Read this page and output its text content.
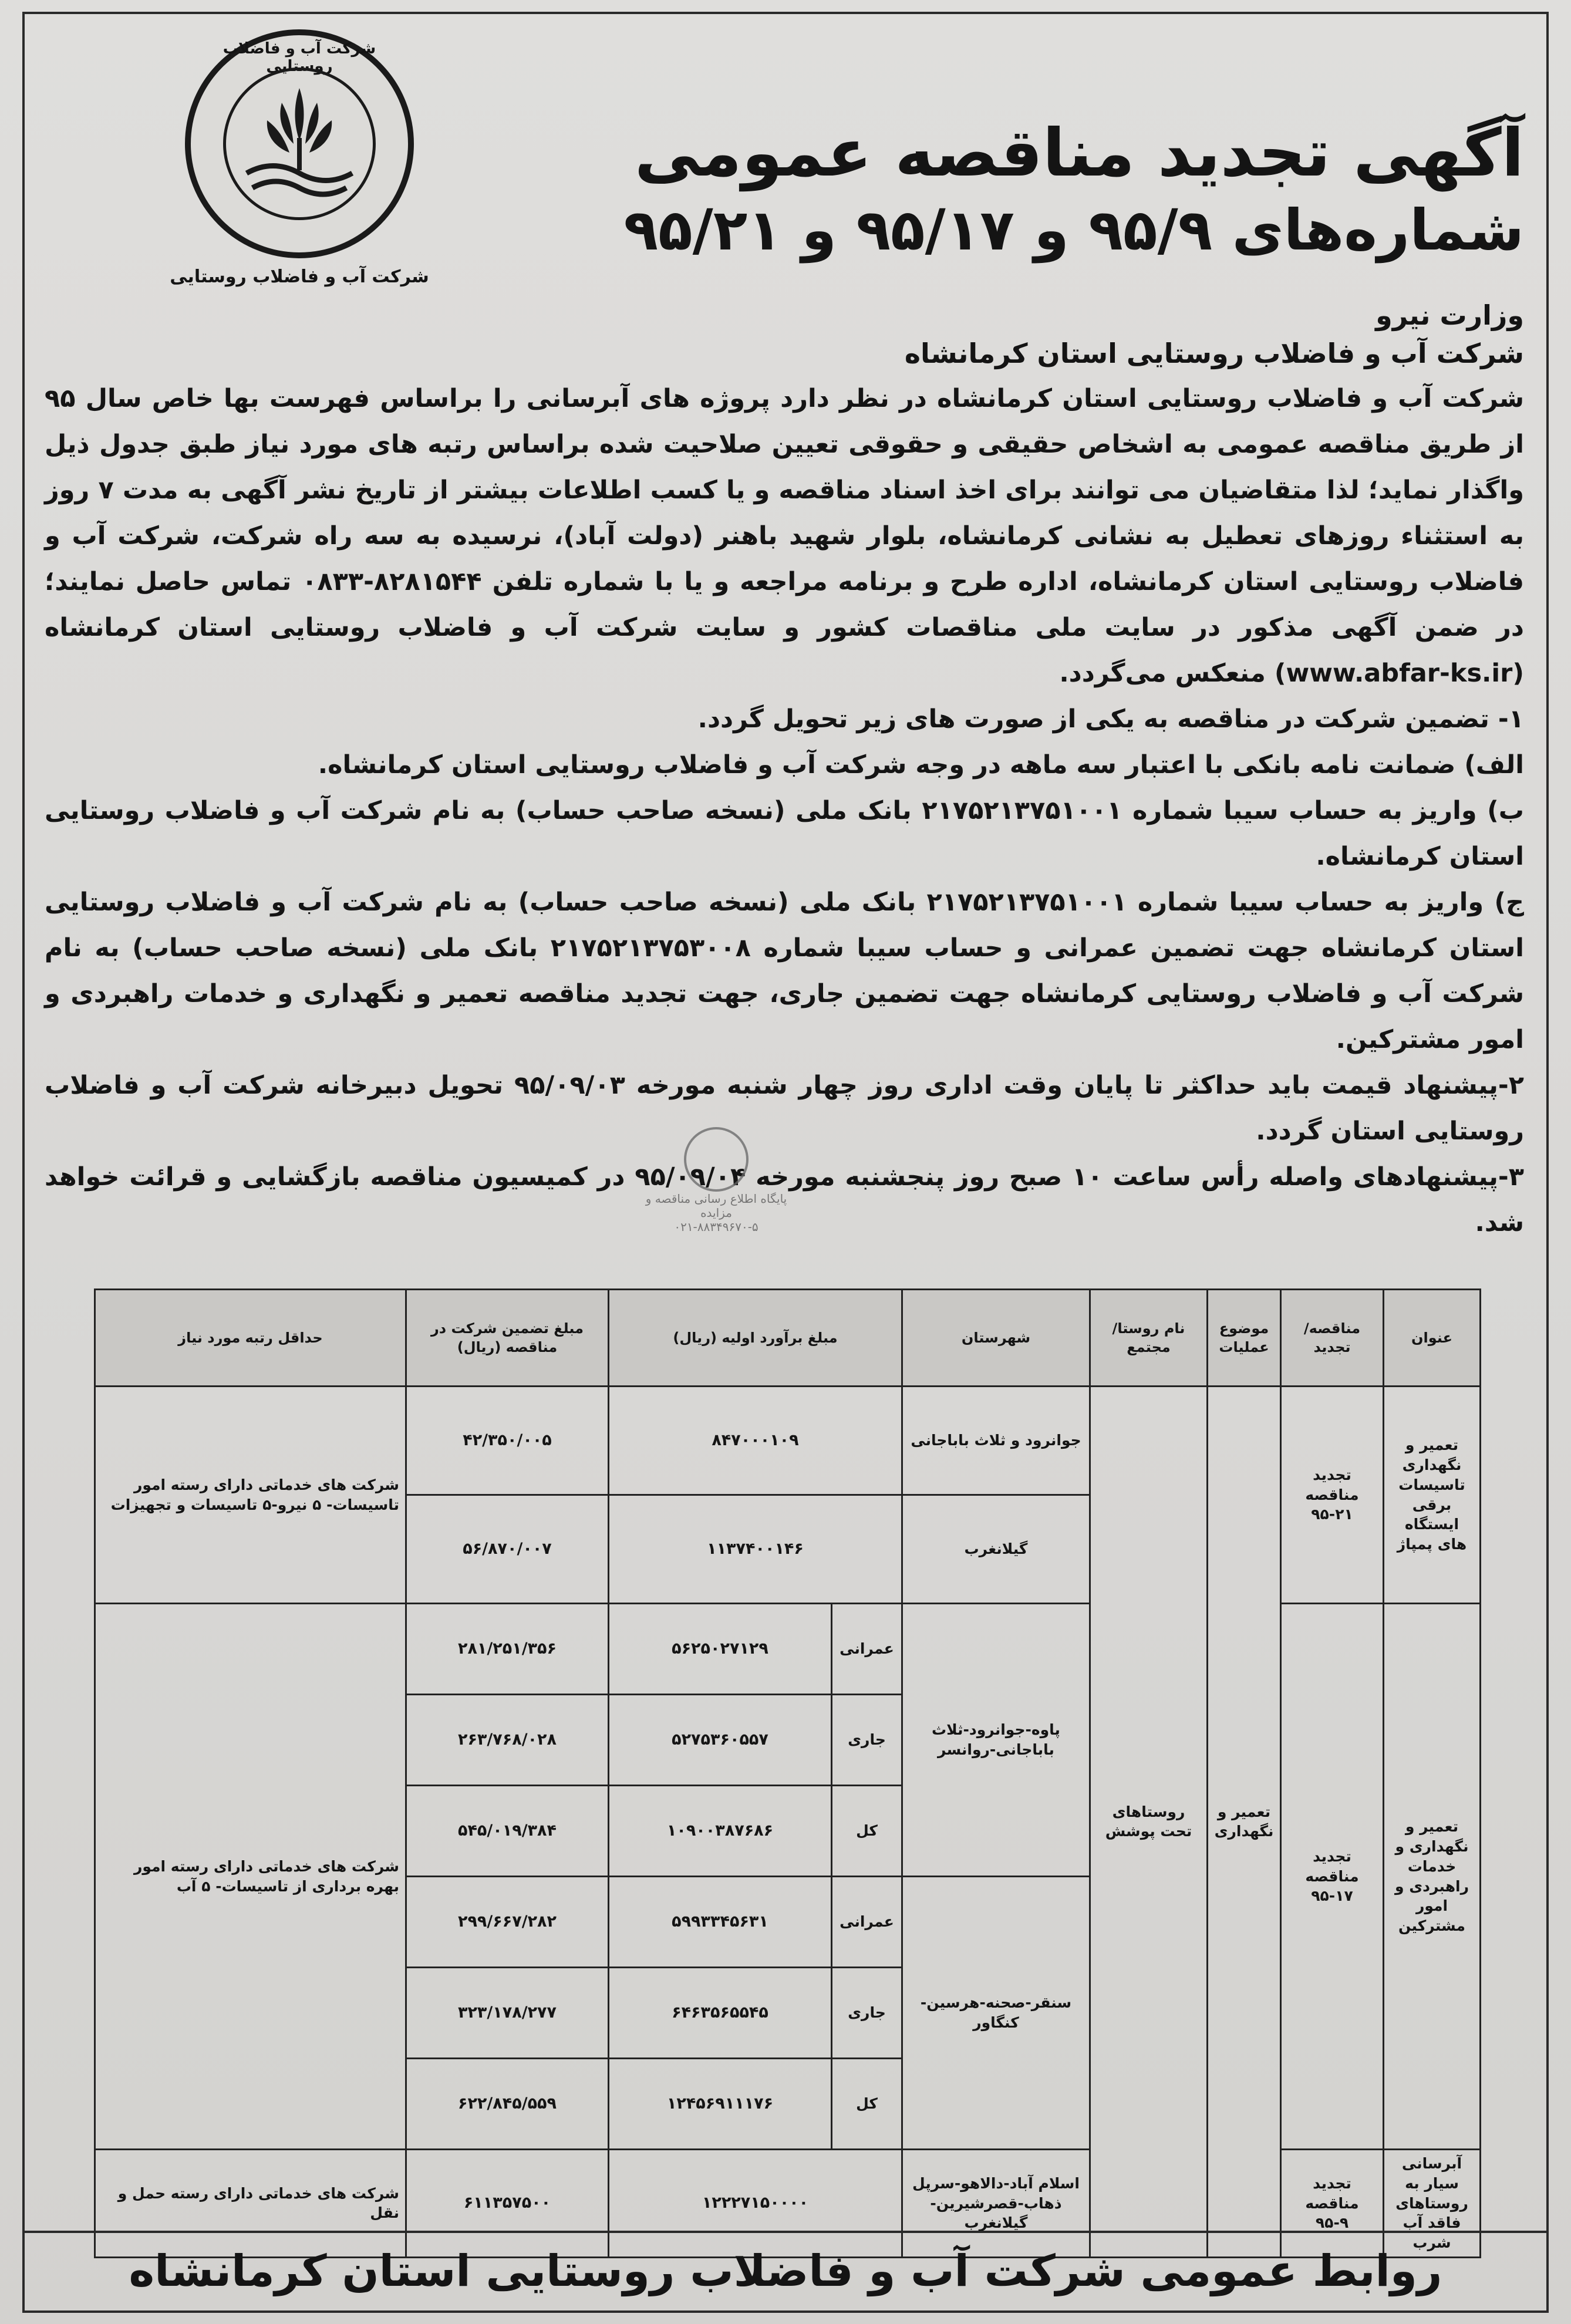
شرکت آب و فاضلاب روستایی
شرکت آب و فاضلاب روستایی
آگهی تجدید مناقصه عمومی
شماره‌های ۹۵/۹ و ۹۵/۱۷ و ۹۵/۲۱
وزارت نیرو
شرکت آب و فاضلاب روستایی استان کرمانشاه

شرکت آب و فاضلاب روستایی استان کرمانشاه در نظر دارد پروژه های آبرسانی را براساس فهرست بها خاص سال ۹۵ از طریق مناقصه عمومی به اشخاص حقیقی و حقوقی تعیین صلاحیت شده براساس رتبه های مورد نیاز طبق جدول ذیل واگذار نماید؛ لذا متقاضیان می توانند برای اخذ اسناد مناقصه و یا کسب اطلاعات بیشتر از تاریخ نشر آگهی به مدت ۷ روز به استثناء روزهای تعطیل به نشانی کرمانشاه، بلوار شهید باهنر (دولت آباد)، نرسیده به سه راه شرکت، شرکت آب و فاضلاب روستایی استان کرمانشاه، اداره طرح و برنامه مراجعه و یا با شماره تلفن ۸۲۸۱۵۴۴-۰۸۳۳ تماس حاصل نمایند؛ در ضمن آگهی مذکور در سایت ملی مناقصات کشور و سایت شرکت آب و فاضلاب روستایی استان کرمانشاه (www.abfar-ks.ir) منعکس می‌گردد.

۱- تضمین شرکت در مناقصه به یکی از صورت های زیر تحویل گردد.

الف) ضمانت نامه بانکی با اعتبار سه ماهه در وجه شرکت آب و فاضلاب روستایی استان کرمانشاه.

ب) واریز به حساب سیبا شماره ۲۱۷۵۲۱۳۷۵۱۰۰۱ بانک ملی (نسخه صاحب حساب) به نام شرکت آب و فاضلاب روستایی استان کرمانشاه.

ج) واریز به حساب سیبا شماره ۲۱۷۵۲۱۳۷۵۱۰۰۱ بانک ملی (نسخه صاحب حساب) به نام شرکت آب و فاضلاب روستایی استان کرمانشاه جهت تضمین عمرانی و حساب سیبا شماره ۲۱۷۵۲۱۳۷۵۳۰۰۸ بانک ملی (نسخه صاحب حساب) به نام شرکت آب و فاضلاب روستایی کرمانشاه جهت تضمین جاری، جهت تجدید مناقصه تعمیر و نگهداری و خدمات راهبردی و امور مشترکین.

۲-پیشنهاد قیمت باید حداکثر تا پایان وقت اداری روز چهار شنبه مورخه ۹۵/۰۹/۰۳ تحویل دبیرخانه شرکت آب و فاضلاب روستایی استان گردد.

۳-پیشنهادهای واصله رأس ساعت ۱۰ صبح روز پنجشنبه مورخه ۹۵/۰۹/۰۴ در کمیسیون مناقصه بازگشایی و قرائت خواهد شد.

پایگاه اطلاع رسانی مناقصه و مزایده
۰۲۱-۸۸۳۴۹۶۷۰-۵
عنوان	مناقصه/تجدید	موضوع عملیات	نام روستا/مجتمع	شهرستان	مبلغ برآورد اولیه (ریال)		مبلغ تضمین شرکت در مناقصه (ریال)	حداقل رتبه مورد نیاز
تعمیر و نگهداری تاسیسات برقی ایستگاه های پمپاژ	تجدید مناقصه ۲۱-۹۵	تعمیر و نگهداری	روستاهای تحت پوشش	جوانرود و ثلاث باباجانی	۸۴۷۰۰۰۱۰۹		۴۲/۳۵۰/۰۰۵	شرکت های خدماتی دارای رسته امور تاسیسات- ۵ نیرو-۵ تاسیسات و تجهیزات
				گیلانغرب	۱۱۳۷۴۰۰۱۴۶		۵۶/۸۷۰/۰۰۷	
تعمیر و نگهداری و خدمات راهبردی و امور مشترکین	تجدید مناقصه ۱۷-۹۵			پاوه-جوانرود-ثلاث باباجانی-روانسر	عمرانی	۵۶۲۵۰۲۷۱۲۹	۲۸۱/۲۵۱/۳۵۶	شرکت های خدماتی دارای رسته امور بهره برداری از تاسیسات- ۵ آب
					جاری	۵۲۷۵۳۶۰۵۵۷	۲۶۳/۷۶۸/۰۲۸	
					کل	۱۰۹۰۰۳۸۷۶۸۶	۵۴۵/۰۱۹/۳۸۴	
				سنقر-صحنه-هرسین-کنگاور	عمرانی	۵۹۹۳۳۴۵۶۳۱	۲۹۹/۶۶۷/۲۸۲	
					جاری	۶۴۶۳۵۶۵۵۴۵	۳۲۳/۱۷۸/۲۷۷	
					کل	۱۲۴۵۶۹۱۱۱۷۶	۶۲۲/۸۴۵/۵۵۹	
آبرسانی سیار به روستاهای فاقد آب شرب	تجدید مناقصه ۹-۹۵			اسلام آباد-دالاهو-سرپل ذهاب-قصرشیرین-گیلانغرب	۱۲۲۲۷۱۵۰۰۰۰		۶۱۱۳۵۷۵۰۰	شرکت های خدماتی دارای رسته حمل و نقل
روابط عمومی شرکت آب و فاضلاب روستایی استان کرمانشاه
